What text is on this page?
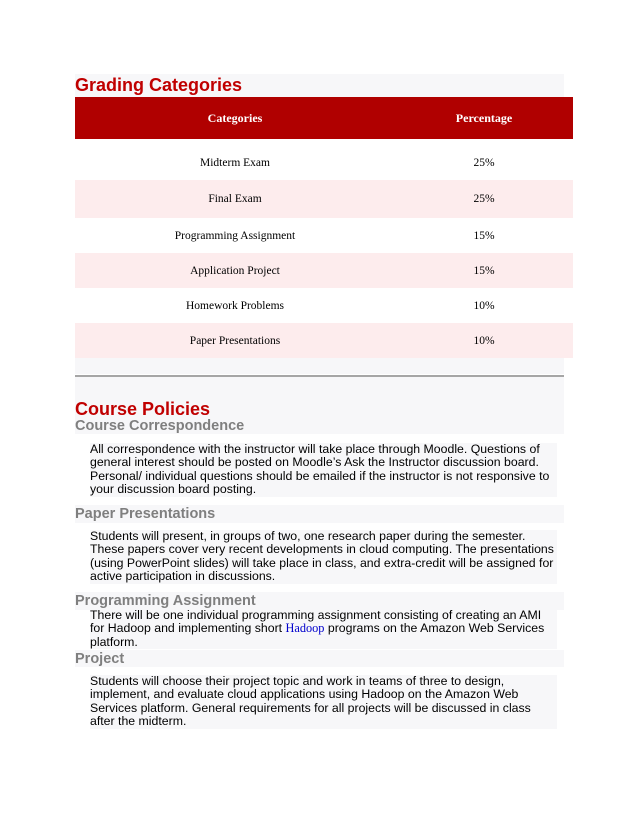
Grading Categories
Categories	Percentage
Midterm Exam	25%
Final Exam	25%
Programming Assignment	15%
Application Project	15%
Homework Problems	10%
Paper Presentations	10%
Course Policies
Course Correspondence

All correspondence with the instructor will take place through Moodle. Questions of general interest should be posted on Moodle’s Ask the Instructor discussion board. Personal/ individual questions should be emailed if the instructor is not responsive to your discussion board posting.

Paper Presentations

Students will present, in groups of two, one research paper during the semester. These papers cover very recent developments in cloud computing. The presentations (using PowerPoint slides) will take place in class, and extra-credit will be assigned for active participation in discussions.

Programming Assignment

There will be one individual programming assignment consisting of creating an AMI for Hadoop and implementing short Hadoop programs on the Amazon Web Services platform.

Project

Students will choose their project topic and work in teams of three to design, implement, and evaluate cloud applications using Hadoop on the Amazon Web Services platform. General requirements for all projects will be discussed in class after the midterm.
